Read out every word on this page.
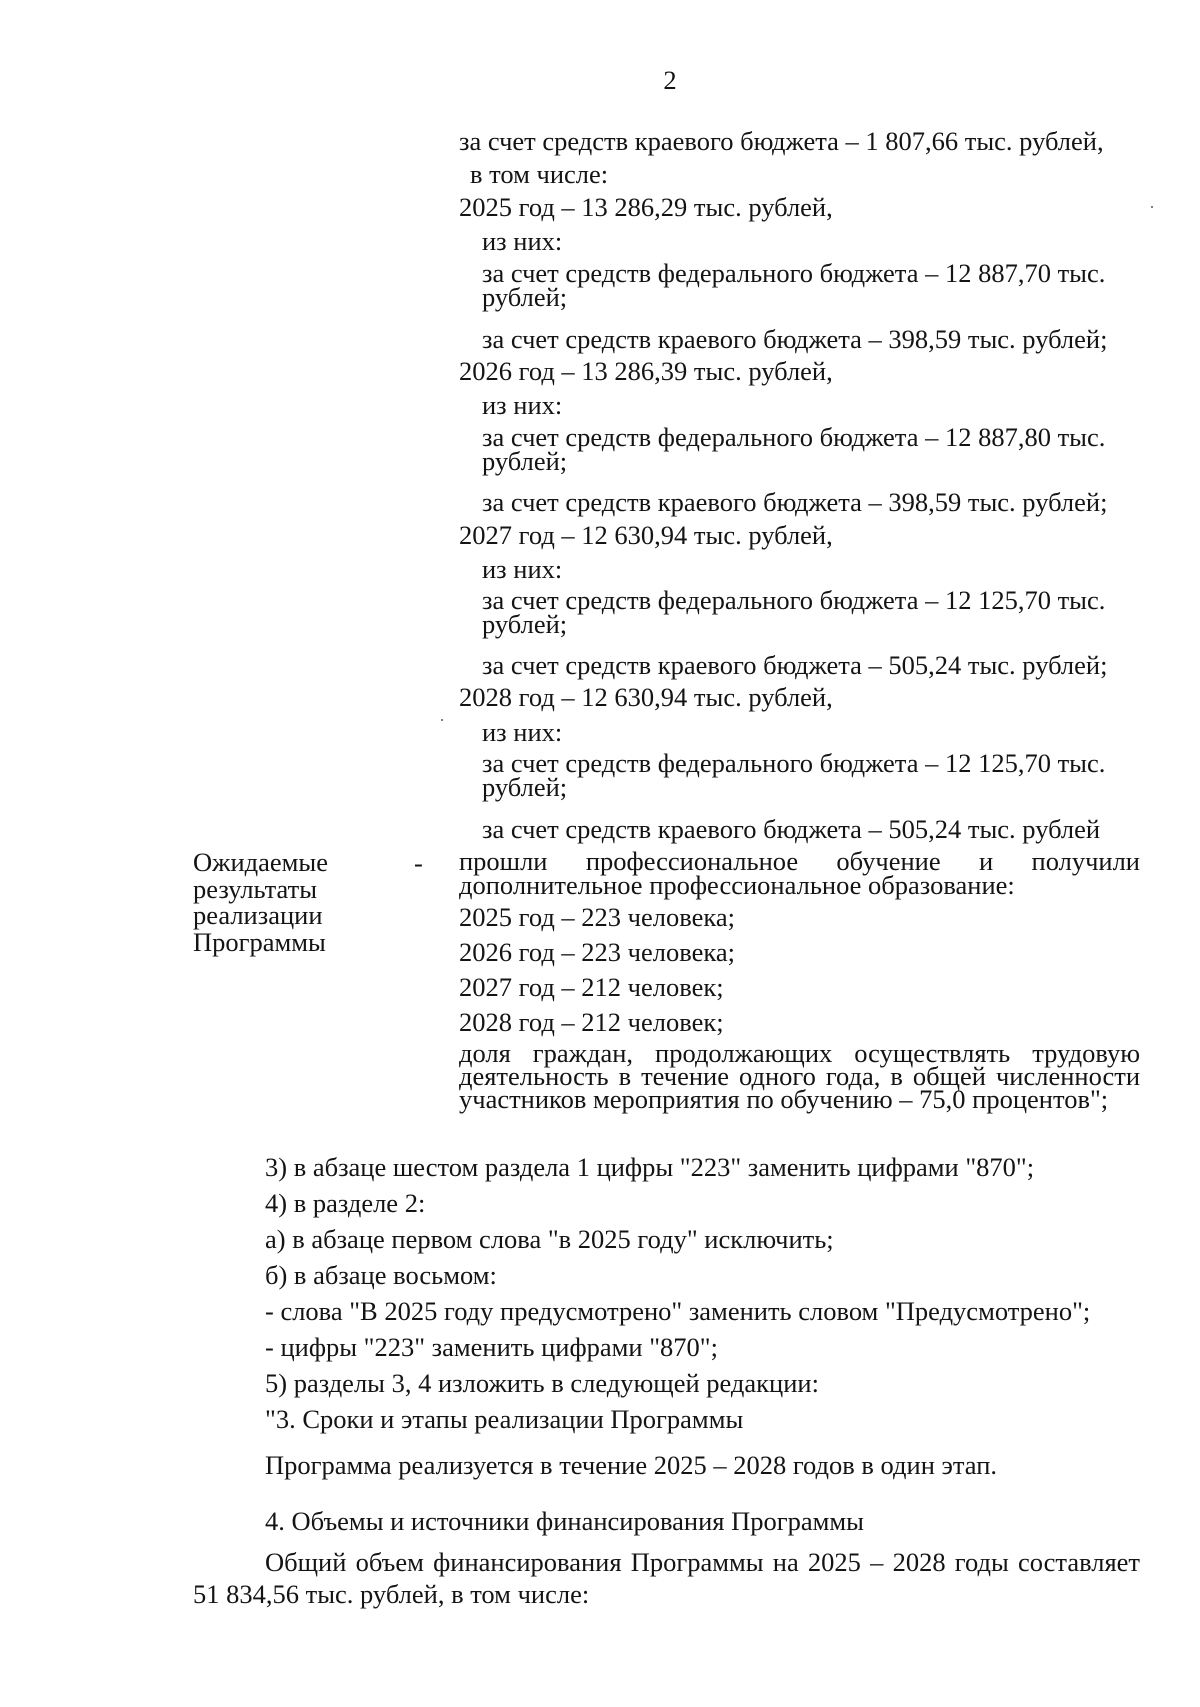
2
за счет средств краевого бюджета – 1 807,66 тыс. рублей,
в том числе:
2025 год – 13 286,29 тыс. рублей,
из них:
за счет средств федерального бюджета – 12 887,70 тыс. рублей;
за счет средств краевого бюджета – 398,59 тыс. рублей;
2026 год – 13 286,39 тыс. рублей,
из них:
за счет средств федерального бюджета – 12 887,80 тыс. рублей;
за счет средств краевого бюджета – 398,59 тыс. рублей;
2027 год – 12 630,94 тыс. рублей,
из них:
за счет средств федерального бюджета – 12 125,70 тыс. рублей;
за счет средств краевого бюджета – 505,24 тыс. рублей;
2028 год – 12 630,94 тыс. рублей,
из них:
за счет средств федерального бюджета – 12 125,70 тыс. рублей;
за счет средств краевого бюджета – 505,24 тыс. рублей
Ожидаемые результаты реализации Программы
- прошли профессиональное обучение и получили дополнительное профессиональное образование:
2025 год – 223 человека;
2026 год – 223 человека;
2027 год – 212 человек;
2028 год – 212 человек;
доля граждан, продолжающих осуществлять трудовую деятельность в течение одного года, в общей численности участников мероприятия по обучению – 75,0 процентов";
3) в абзаце шестом раздела 1 цифры "223" заменить цифрами "870";
4) в разделе 2:
а) в абзаце первом слова "в 2025 году" исключить;
б) в абзаце восьмом:
- слова "В 2025 году предусмотрено" заменить словом "Предусмотрено";
- цифры "223" заменить цифрами "870";
5) разделы 3, 4 изложить в следующей редакции:
"3. Сроки и этапы реализации Программы
Программа реализуется в течение 2025 – 2028 годов в один этап.
4. Объемы и источники финансирования Программы
Общий объем финансирования Программы на 2025 – 2028 годы составляет 51 834,56 тыс. рублей, в том числе:
